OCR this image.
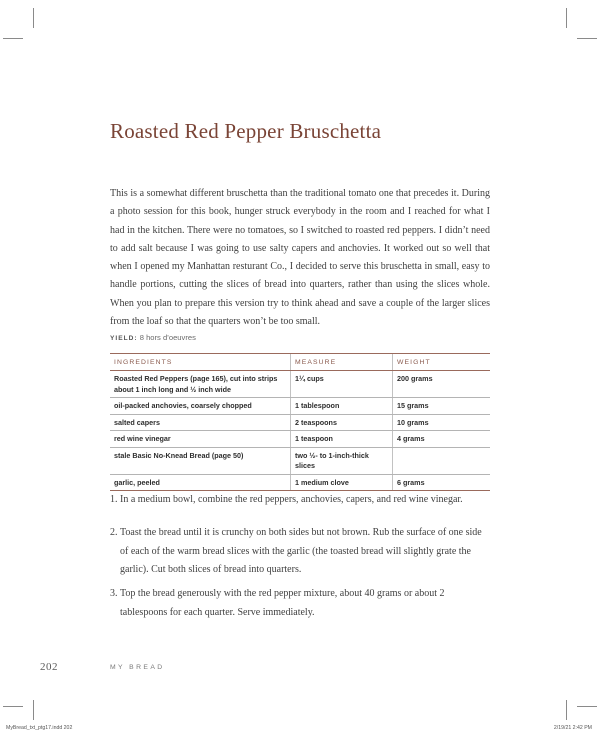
Roasted Red Pepper Bruschetta

This is a somewhat different bruschetta than the traditional tomato one that precedes it. During a photo session for this book, hunger struck everybody in the room and I reached for what I had in the kitchen. There were no tomatoes, so I switched to roasted red peppers. I didn’t need to add salt because I was going to use salty capers and anchovies. It worked out so well that when I opened my Manhattan resturant Co., I decided to serve this bruschetta in small, easy to handle portions, cutting the slices of bread into quarters, rather than using the slices whole. When you plan to prepare this version try to think ahead and save a couple of the larger slices from the loaf so that the quarters won’t be too small.

YIELD: 8 hors d’oeuvres
INGREDIENTS	MEASURE	WEIGHT
Roasted Red Peppers (page 165), cut into strips about 1 inch long and ½ inch wide	1¼ cups	200 grams
oil-packed anchovies, coarsely chopped	1 tablespoon	15 grams
salted capers	2 teaspoons	10 grams
red wine vinegar	1 teaspoon	4 grams
stale Basic No-Knead Bread (page 50)	two ½- to 1-inch-thick slices	
garlic, peeled	1 medium clove	6 grams
1. In a medium bowl, combine the red peppers, anchovies, capers, and red wine vinegar.
2. Toast the bread until it is crunchy on both sides but not brown. Rub the surface of one side of each of the warm bread slices with the garlic (the toasted bread will slightly grate the garlic). Cut both slices of bread into quarters.
3. Top the bread generously with the red pepper mixture, about 40 grams or about 2 tablespoons for each quarter. Serve immediately.
202	MY BREAD
MyBread_txt_ptg17.indd 202	2/19/21 2:42 PM
